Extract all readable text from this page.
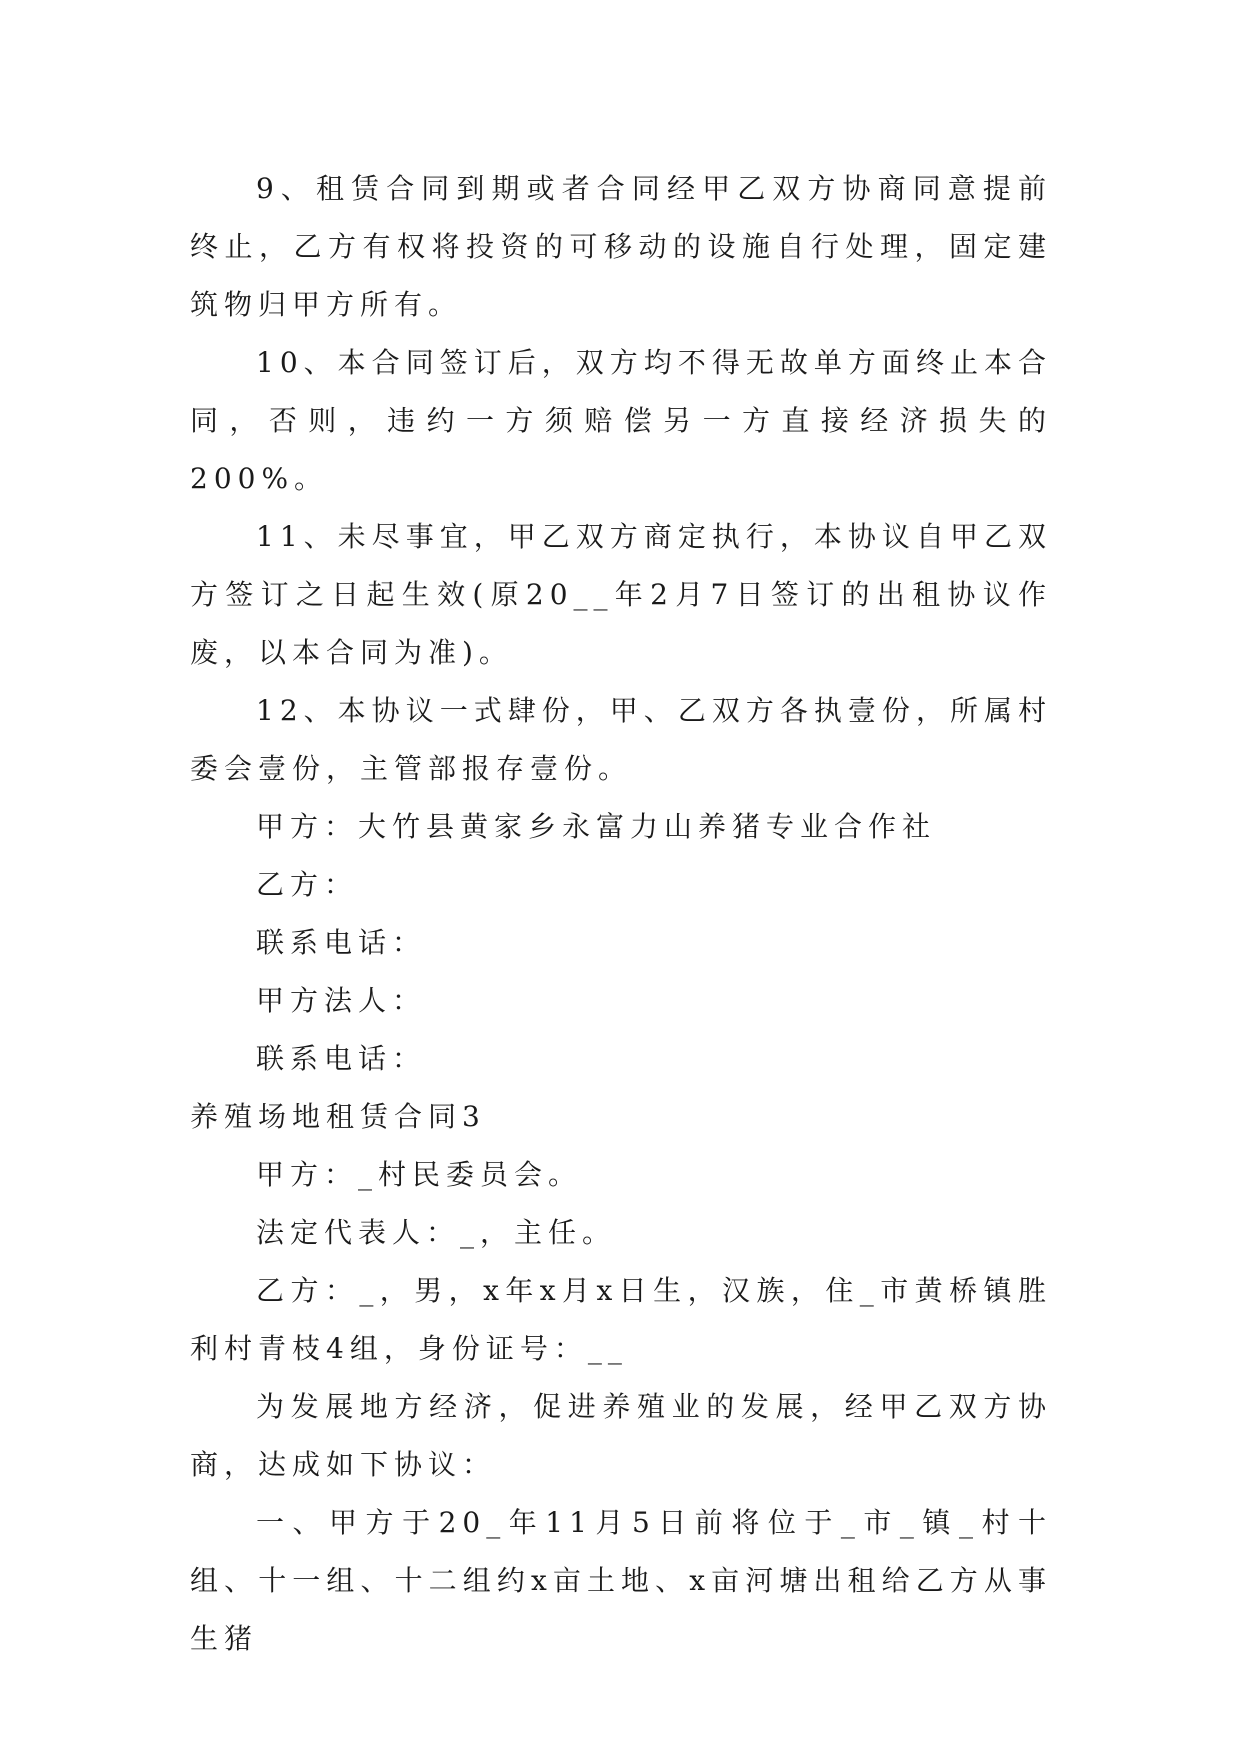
9、租赁合同到期或者合同经甲乙双方协商同意提前终止，乙方有权将投资的可移动的设施自行处理，固定建筑物归甲方所有。

10、本合同签订后，双方均不得无故单方面终止本合同，否则，违约一方须赔偿另一方直接经济损失的200%。

11、未尽事宜，甲乙双方商定执行，本协议自甲乙双方签订之日起生效(原20__年2月7日签订的出租协议作废，以本合同为准)。

12、本协议一式肆份，甲、乙双方各执壹份，所属村委会壹份，主管部报存壹份。

甲方：大竹县黄家乡永富力山养猪专业合作社

乙方：

联系电话：

甲方法人：

联系电话：

养殖场地租赁合同3

甲方：_村民委员会。

法定代表人：_，主任。

乙方：_，男，x年x月x日生，汉族，住_市黄桥镇胜利村青枝4组，身份证号：__

为发展地方经济，促进养殖业的发展，经甲乙双方协商，达成如下协议：

一、甲方于20_年11月5日前将位于_市_镇_村十组、十一组、十二组约x亩土地、x亩河塘出租给乙方从事生猪
